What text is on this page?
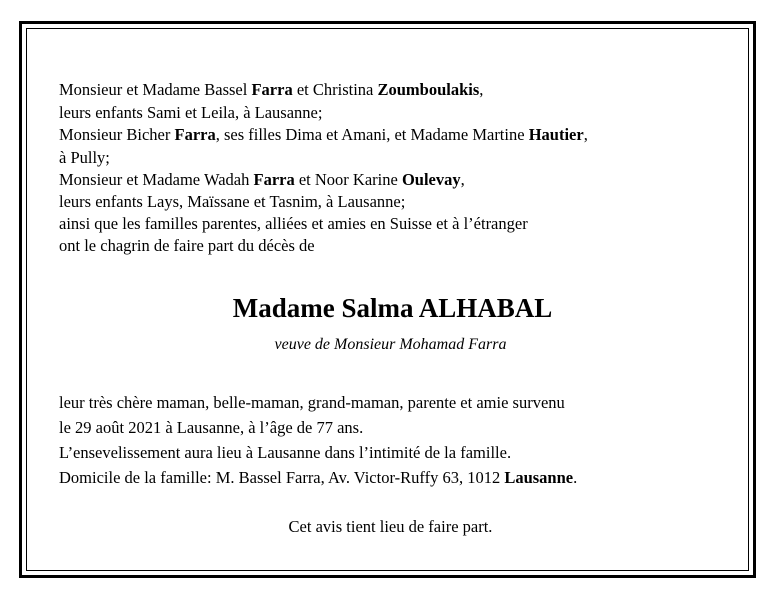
Monsieur et Madame Bassel Farra et Christina Zoumboulakis,
leurs enfants Sami et Leila, à Lausanne;
Monsieur Bicher Farra, ses filles Dima et Amani, et Madame Martine Hautier,
à Pully;
Monsieur et Madame Wadah Farra et Noor Karine Oulevay,
leurs enfants Lays, Maïssane et Tasnim, à Lausanne;
ainsi que les familles parentes, alliées et amies en Suisse et à l’étranger
ont le chagrin de faire part du décès de
Madame Salma ALHABAL
veuve de Monsieur Mohamad Farra
leur très chère maman, belle-maman, grand-maman, parente et amie survenu
le 29 août 2021 à Lausanne, à l’âge de 77 ans.
L’ensevelissement aura lieu à Lausanne dans l’intimité de la famille.
Domicile de la famille: M. Bassel Farra, Av. Victor-Ruffy 63, 1012 Lausanne.
Cet avis tient lieu de faire part.
